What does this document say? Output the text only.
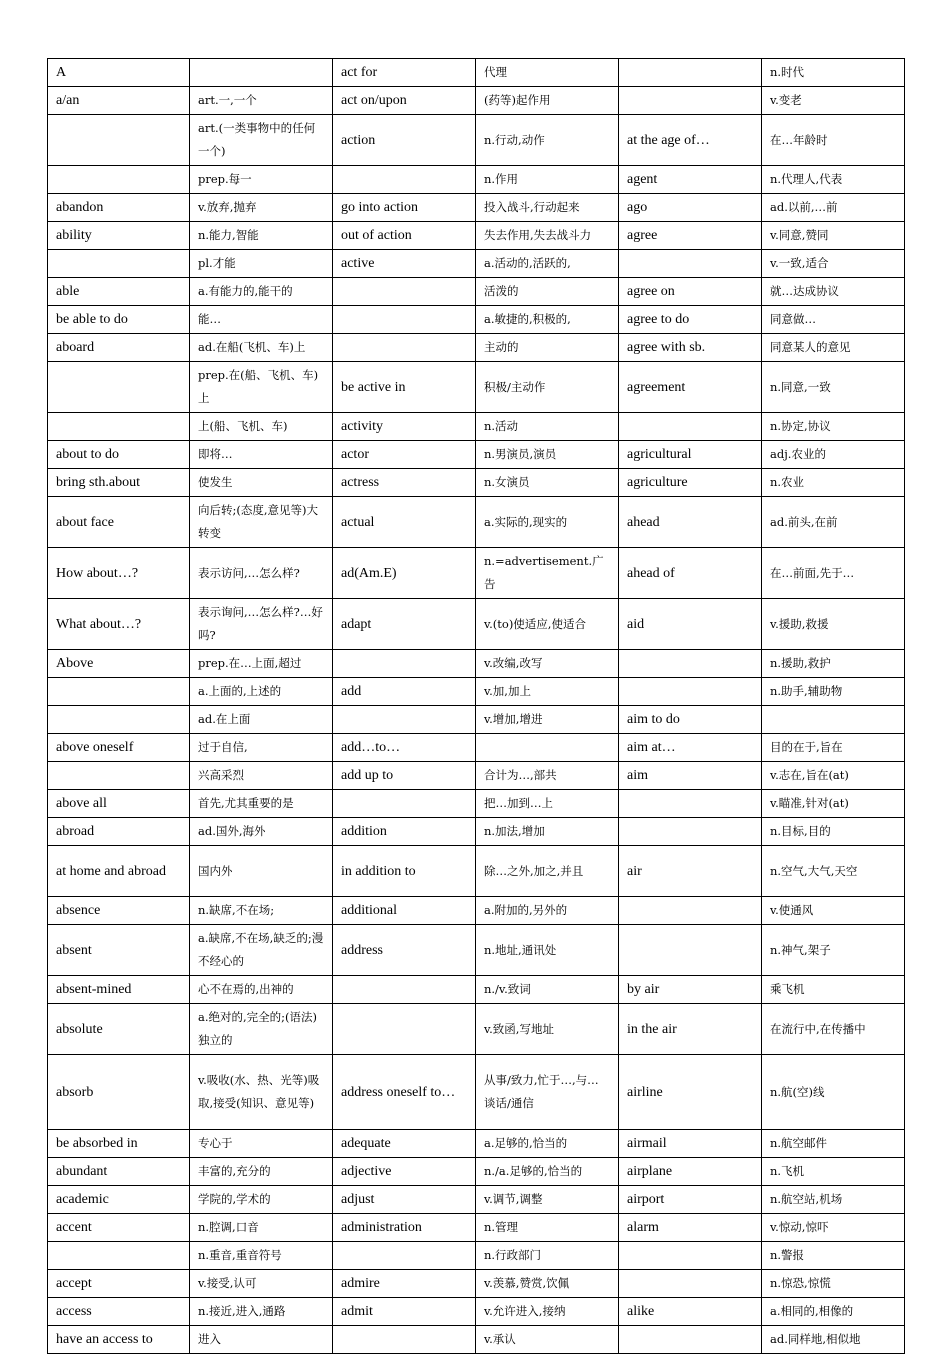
A		act for	代理		n.时代
a/an	art.一,一个	act on/upon	(药等)起作用		v.变老
	art.(一类事物中的任何一个)	action	n.行动,动作	at the age of…	在…年龄时
	prep.每一		n.作用	agent	n.代理人,代表
abandon	v.放弃,抛弃	go into action	投入战斗,行动起来	ago	ad.以前,…前
ability	n.能力,智能	out of action	失去作用,失去战斗力	agree	v.同意,赞同
	pl.才能	active	a.活动的,活跃的,		v.一致,适合
able	a.有能力的,能干的		活泼的	agree on	就…达成协议
be able to do	能…		a.敏捷的,积极的,	agree to do	同意做…
aboard	ad.在船(飞机、车)上		主动的	agree with sb.	同意某人的意见
	prep.在(船、飞机、车)上	be active in	积极/主动作	agreement	n.同意,一致
	上(船、飞机、车)	activity	n.活动		n.协定,协议
about to do	即将…	actor	n.男演员,演员	agricultural	adj.农业的
bring sth.about	使发生	actress	n.女演员	agriculture	n.农业
about face	向后转;(态度,意见等)大转变	actual	a.实际的,现实的	ahead	ad.前头,在前
How about…?	表示访问,…怎么样?	ad(Am.E)	n.=advertisement.广告	ahead of	在…前面,先于…
What about…?	表示询问,…怎么样?…好吗?	adapt	v.(to)使适应,使适合	aid	v.援助,救援
Above	prep.在…上面,超过		v.改编,改写		n.援助,救护
	a.上面的,上述的	add	v.加,加上		n.助手,辅助物
	ad.在上面		v.增加,增进	aim to do	
above oneself	过于自信,	add…to…		aim at…	目的在于,旨在
	兴高采烈	add up to	合计为…,部共	aim	v.志在,旨在(at)
above all	首先,尤其重要的是		把…加到…上		v.瞄准,针对(at)
abroad	ad.国外,海外	addition	n.加法,增加		n.目标,目的
at home and abroad	国内外	in addition to	除…之外,加之,并且	air	n.空气,大气,天空
absence	n.缺席,不在场;	additional	a.附加的,另外的		v.使通风
absent	a.缺席,不在场,缺乏的;漫不经心的	address	n.地址,通讯处		n.神气,架子
absent-mined	心不在焉的,出神的		n./v.致词	by air	乘飞机
absolute	a.绝对的,完全的;(语法)独立的		v.致函,写地址	in the air	在流行中,在传播中
absorb	v.吸收(水、热、光等)吸取,接受(知识、意见等)	address oneself to…	从事/致力,忙于…,与…谈话/通信	airline	n.航(空)线
be absorbed in	专心于	adequate	a.足够的,恰当的	airmail	n.航空邮件
abundant	丰富的,充分的	adjective	n./a.足够的,恰当的	airplane	n.飞机
academic	学院的,学术的	adjust	v.调节,调整	airport	n.航空站,机场
accent	n.腔调,口音	administration	n.管理	alarm	v.惊动,惊吓
	n.重音,重音符号		n.行政部门		n.警报
accept	v.接受,认可	admire	v.羡慕,赞赏,饮佩		n.惊恐,惊慌
access	n.接近,进入,通路	admit	v.允许进入,接纳	alike	a.相同的,相像的
have an access to	进入		v.承认		ad.同样地,相似地
